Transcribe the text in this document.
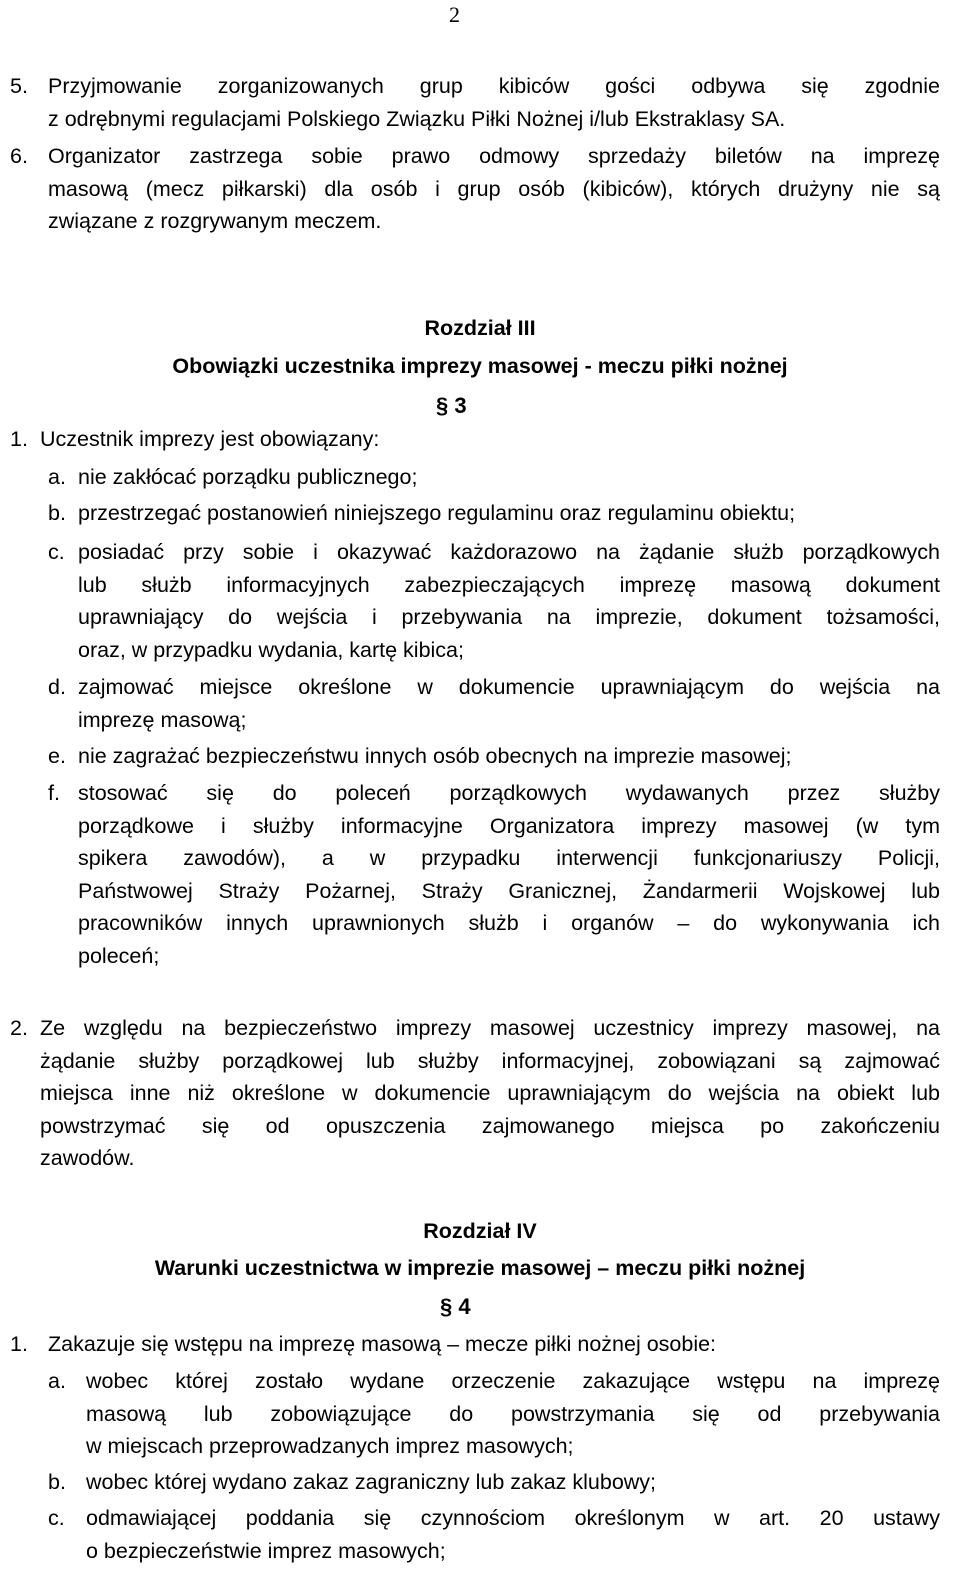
2
5. Przyjmowanie zorganizowanych grup kibiców gości odbywa się zgodnie
z odrębnymi regulacjami Polskiego Związku Piłki Nożnej i/lub Ekstraklasy SA.
6. Organizator zastrzega sobie prawo odmowy sprzedaży biletów na imprezę
masową (mecz piłkarski) dla osób i grup osób (kibiców), których drużyny nie są
związane z rozgrywanym meczem.
Rozdział III
Obowiązki uczestnika imprezy masowej - meczu piłki nożnej
§ 3
1. Uczestnik imprezy jest obowiązany:
a. nie zakłócać porządku publicznego;
b. przestrzegać postanowień niniejszego regulaminu oraz regulaminu obiektu;
c. posiadać przy sobie i okazywać każdorazowo na żądanie służb porządkowych
lub służb informacyjnych zabezpieczających imprezę masową dokument
uprawniający do wejścia i przebywania na imprezie, dokument tożsamości,
oraz, w przypadku wydania, kartę kibica;
d. zajmować miejsce określone w dokumencie uprawniającym do wejścia na
imprezę masową;
e. nie zagrażać bezpieczeństwu innych osób obecnych na imprezie masowej;
f. stosować się do poleceń porządkowych wydawanych przez służby
porządkowe i służby informacyjne Organizatora imprezy masowej (w tym
spikera zawodów), a w przypadku interwencji funkcjonariuszy Policji,
Państwowej Straży Pożarnej, Straży Granicznej, Żandarmerii Wojskowej lub
pracowników innych uprawnionych służb i organów – do wykonywania ich
poleceń;
2. Ze względu na bezpieczeństwo imprezy masowej uczestnicy imprezy masowej, na
żądanie służby porządkowej lub służby informacyjnej, zobowiązani są zajmować
miejsca inne niż określone w dokumencie uprawniającym do wejścia na obiekt lub
powstrzymać się od opuszczenia zajmowanego miejsca po zakończeniu
zawodów.
Rozdział IV
Warunki uczestnictwa w imprezie masowej – meczu piłki nożnej
§ 4
1. Zakazuje się wstępu na imprezę masową – mecze piłki nożnej osobie:
a. wobec której zostało wydane orzeczenie zakazujące wstępu na imprezę
masową lub zobowiązujące do powstrzymania się od przebywania
w miejscach przeprowadzanych imprez masowych;
b. wobec której wydano zakaz zagraniczny lub zakaz klubowy;
c. odmawiającej poddania się czynnościom określonym w art. 20 ustawy
o bezpieczeństwie imprez masowych;
